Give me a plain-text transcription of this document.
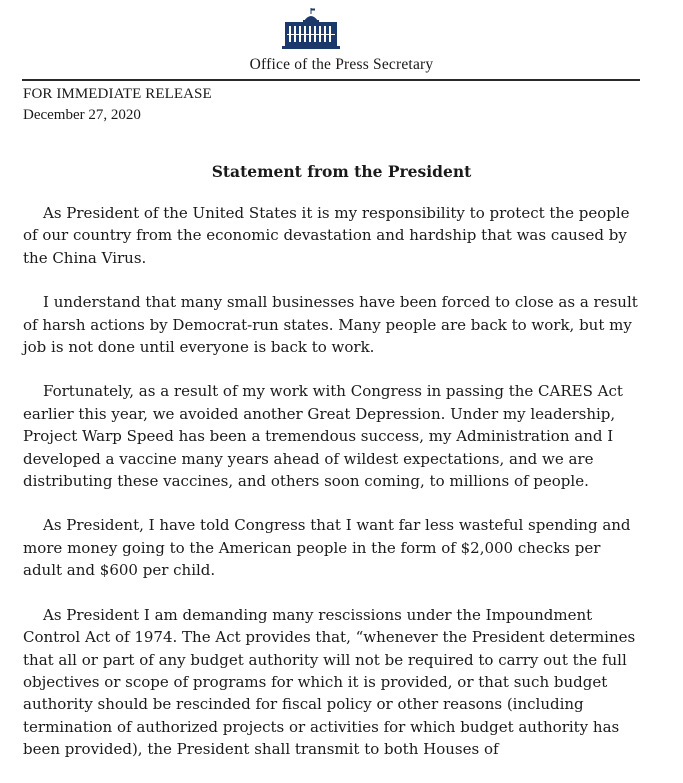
Office of the Press Secretary
FOR IMMEDIATE RELEASE
December 27, 2020
Statement from the President

As President of the United States it is my responsibility to protect the people of our country from the economic devastation and hardship that was caused by the China Virus.

I understand that many small businesses have been forced to close as a result of harsh actions by Democrat-run states. Many people are back to work, but my job is not done until everyone is back to work.

Fortunately, as a result of my work with Congress in passing the CARES Act earlier this year, we avoided another Great Depression. Under my leadership, Project Warp Speed has been a tremendous success, my Administration and I developed a vaccine many years ahead of wildest expectations, and we are distributing these vaccines, and others soon coming, to millions of people.

As President, I have told Congress that I want far less wasteful spending and more money going to the American people in the form of $2,000 checks per adult and $600 per child.

As President I am demanding many rescissions under the Impoundment Control Act of 1974. The Act provides that, “whenever the President determines that all or part of any budget authority will not be required to carry out the full objectives or scope of programs for which it is provided, or that such budget authority should be rescinded for fiscal policy or other reasons (including termination of authorized projects or activities for which budget authority has been provided), the President shall transmit to both Houses of
